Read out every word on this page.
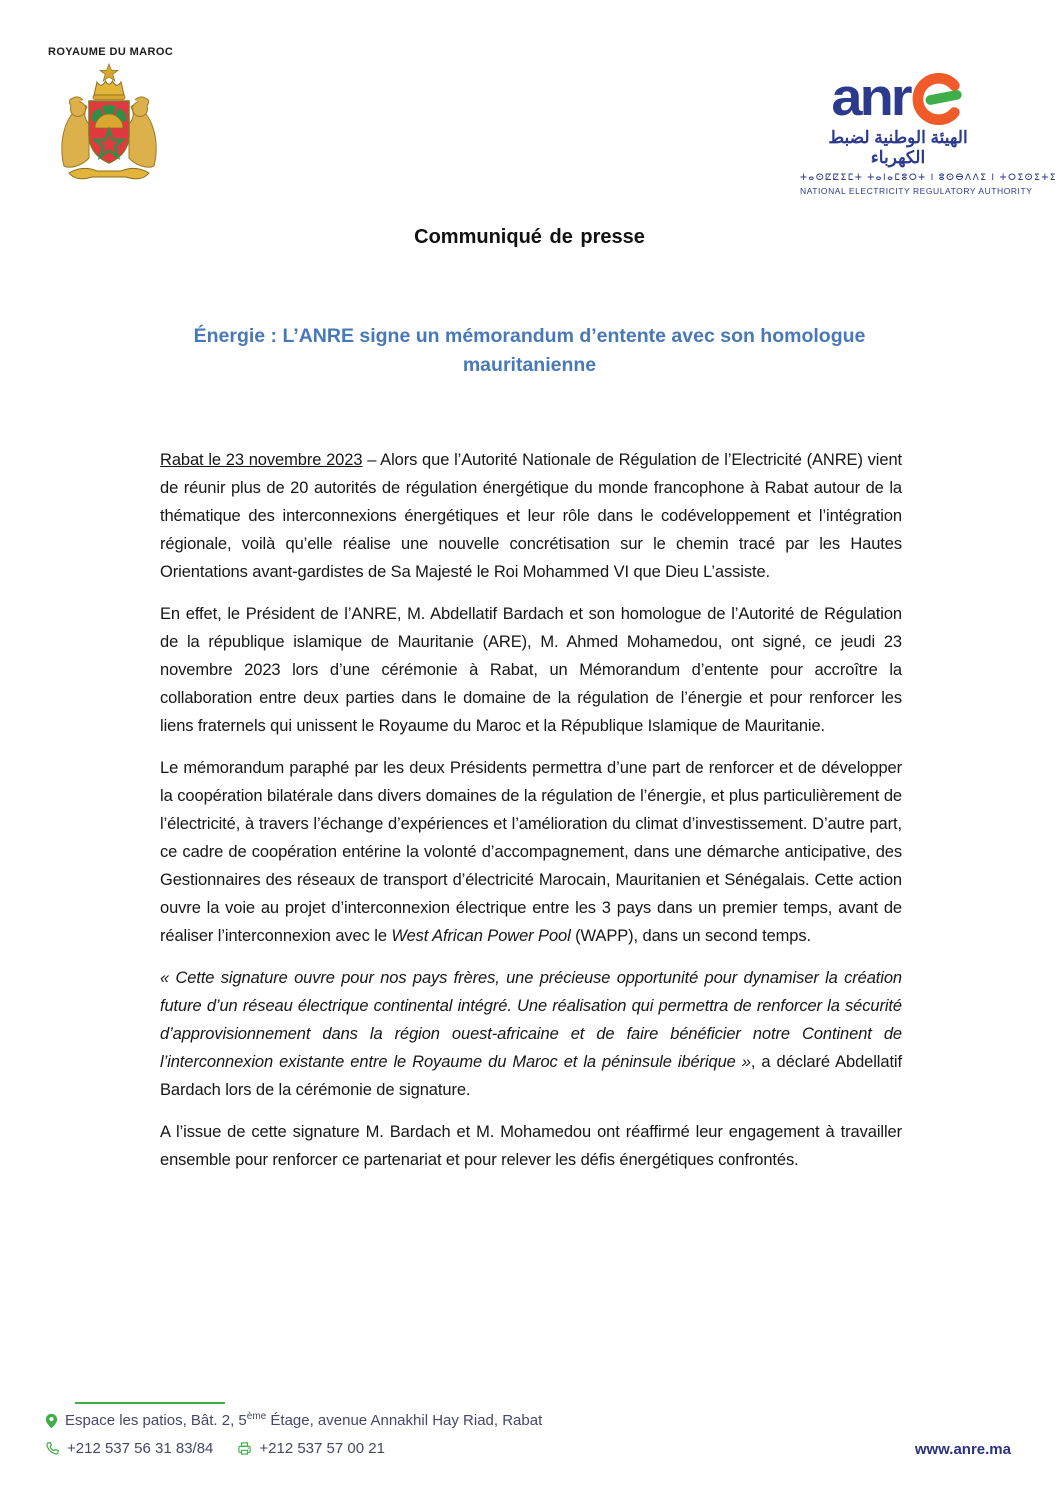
ROYAUME DU MAROC
anr
الهيئة الوطنية لضبط الكهرباء
ⵜⴰⵙⵇⵇⵉⵎⵜ ⵜⴰⵏⴰⵎⵓⵔⵜ ⵏ ⵓⵙⴱⴷⴷⵉ ⵏ ⵜⵔⵉⵙⵉⵜⵉ
NATIONAL ELECTRICITY REGULATORY AUTHORITY
Communiqué de presse
Énergie : L’ANRE signe un mémorandum d’entente avec son homologue mauritanienne

Rabat le 23 novembre 2023 – Alors que l’Autorité Nationale de Régulation de l’Electricité (ANRE) vient de réunir plus de 20 autorités de régulation énergétique du monde francophone à Rabat autour de la thématique des interconnexions énergétiques et leur rôle dans le codéveloppement et l’intégration régionale, voilà qu’elle réalise une nouvelle concrétisation sur le chemin tracé par les Hautes Orientations avant-gardistes de Sa Majesté le Roi Mohammed VI que Dieu L’assiste.

En effet, le Président de l’ANRE, M. Abdellatif Bardach et son homologue de l’Autorité de Régulation de la république islamique de Mauritanie (ARE), M. Ahmed Mohamedou, ont signé, ce jeudi 23 novembre 2023 lors d’une cérémonie à Rabat, un Mémorandum d’entente pour accroître la collaboration entre deux parties dans le domaine de la régulation de l’énergie et pour renforcer les liens fraternels qui unissent le Royaume du Maroc et la République Islamique de Mauritanie.

Le mémorandum paraphé par les deux Présidents permettra d’une part de renforcer et de développer la coopération bilatérale dans divers domaines de la régulation de l’énergie, et plus particulièrement de l’électricité, à travers l’échange d’expériences et l’amélioration du climat d’investissement. D’autre part, ce cadre de coopération entérine la volonté d’accompagnement, dans une démarche anticipative, des Gestionnaires des réseaux de transport d’électricité Marocain, Mauritanien et Sénégalais. Cette action ouvre la voie au projet d’interconnexion électrique entre les 3 pays dans un premier temps, avant de réaliser l’interconnexion avec le West African Power Pool (WAPP), dans un second temps.

« Cette signature ouvre pour nos pays frères, une précieuse opportunité pour dynamiser la création future d’un réseau électrique continental intégré. Une réalisation qui permettra de renforcer la sécurité d’approvisionnement dans la région ouest-africaine et de faire bénéficier notre Continent de l’interconnexion existante entre le Royaume du Maroc et la péninsule ibérique », a déclaré Abdellatif Bardach lors de la cérémonie de signature.

A l’issue de cette signature M. Bardach et M. Mohamedou ont réaffirmé leur engagement à travailler ensemble pour renforcer ce partenariat et pour relever les défis énergétiques confrontés.

Espace les patios, Bât. 2, 5ème Étage, avenue Annakhil Hay Riad, Rabat
+212 537 56 31 83/84	+212 537 57 00 21	www.anre.ma
